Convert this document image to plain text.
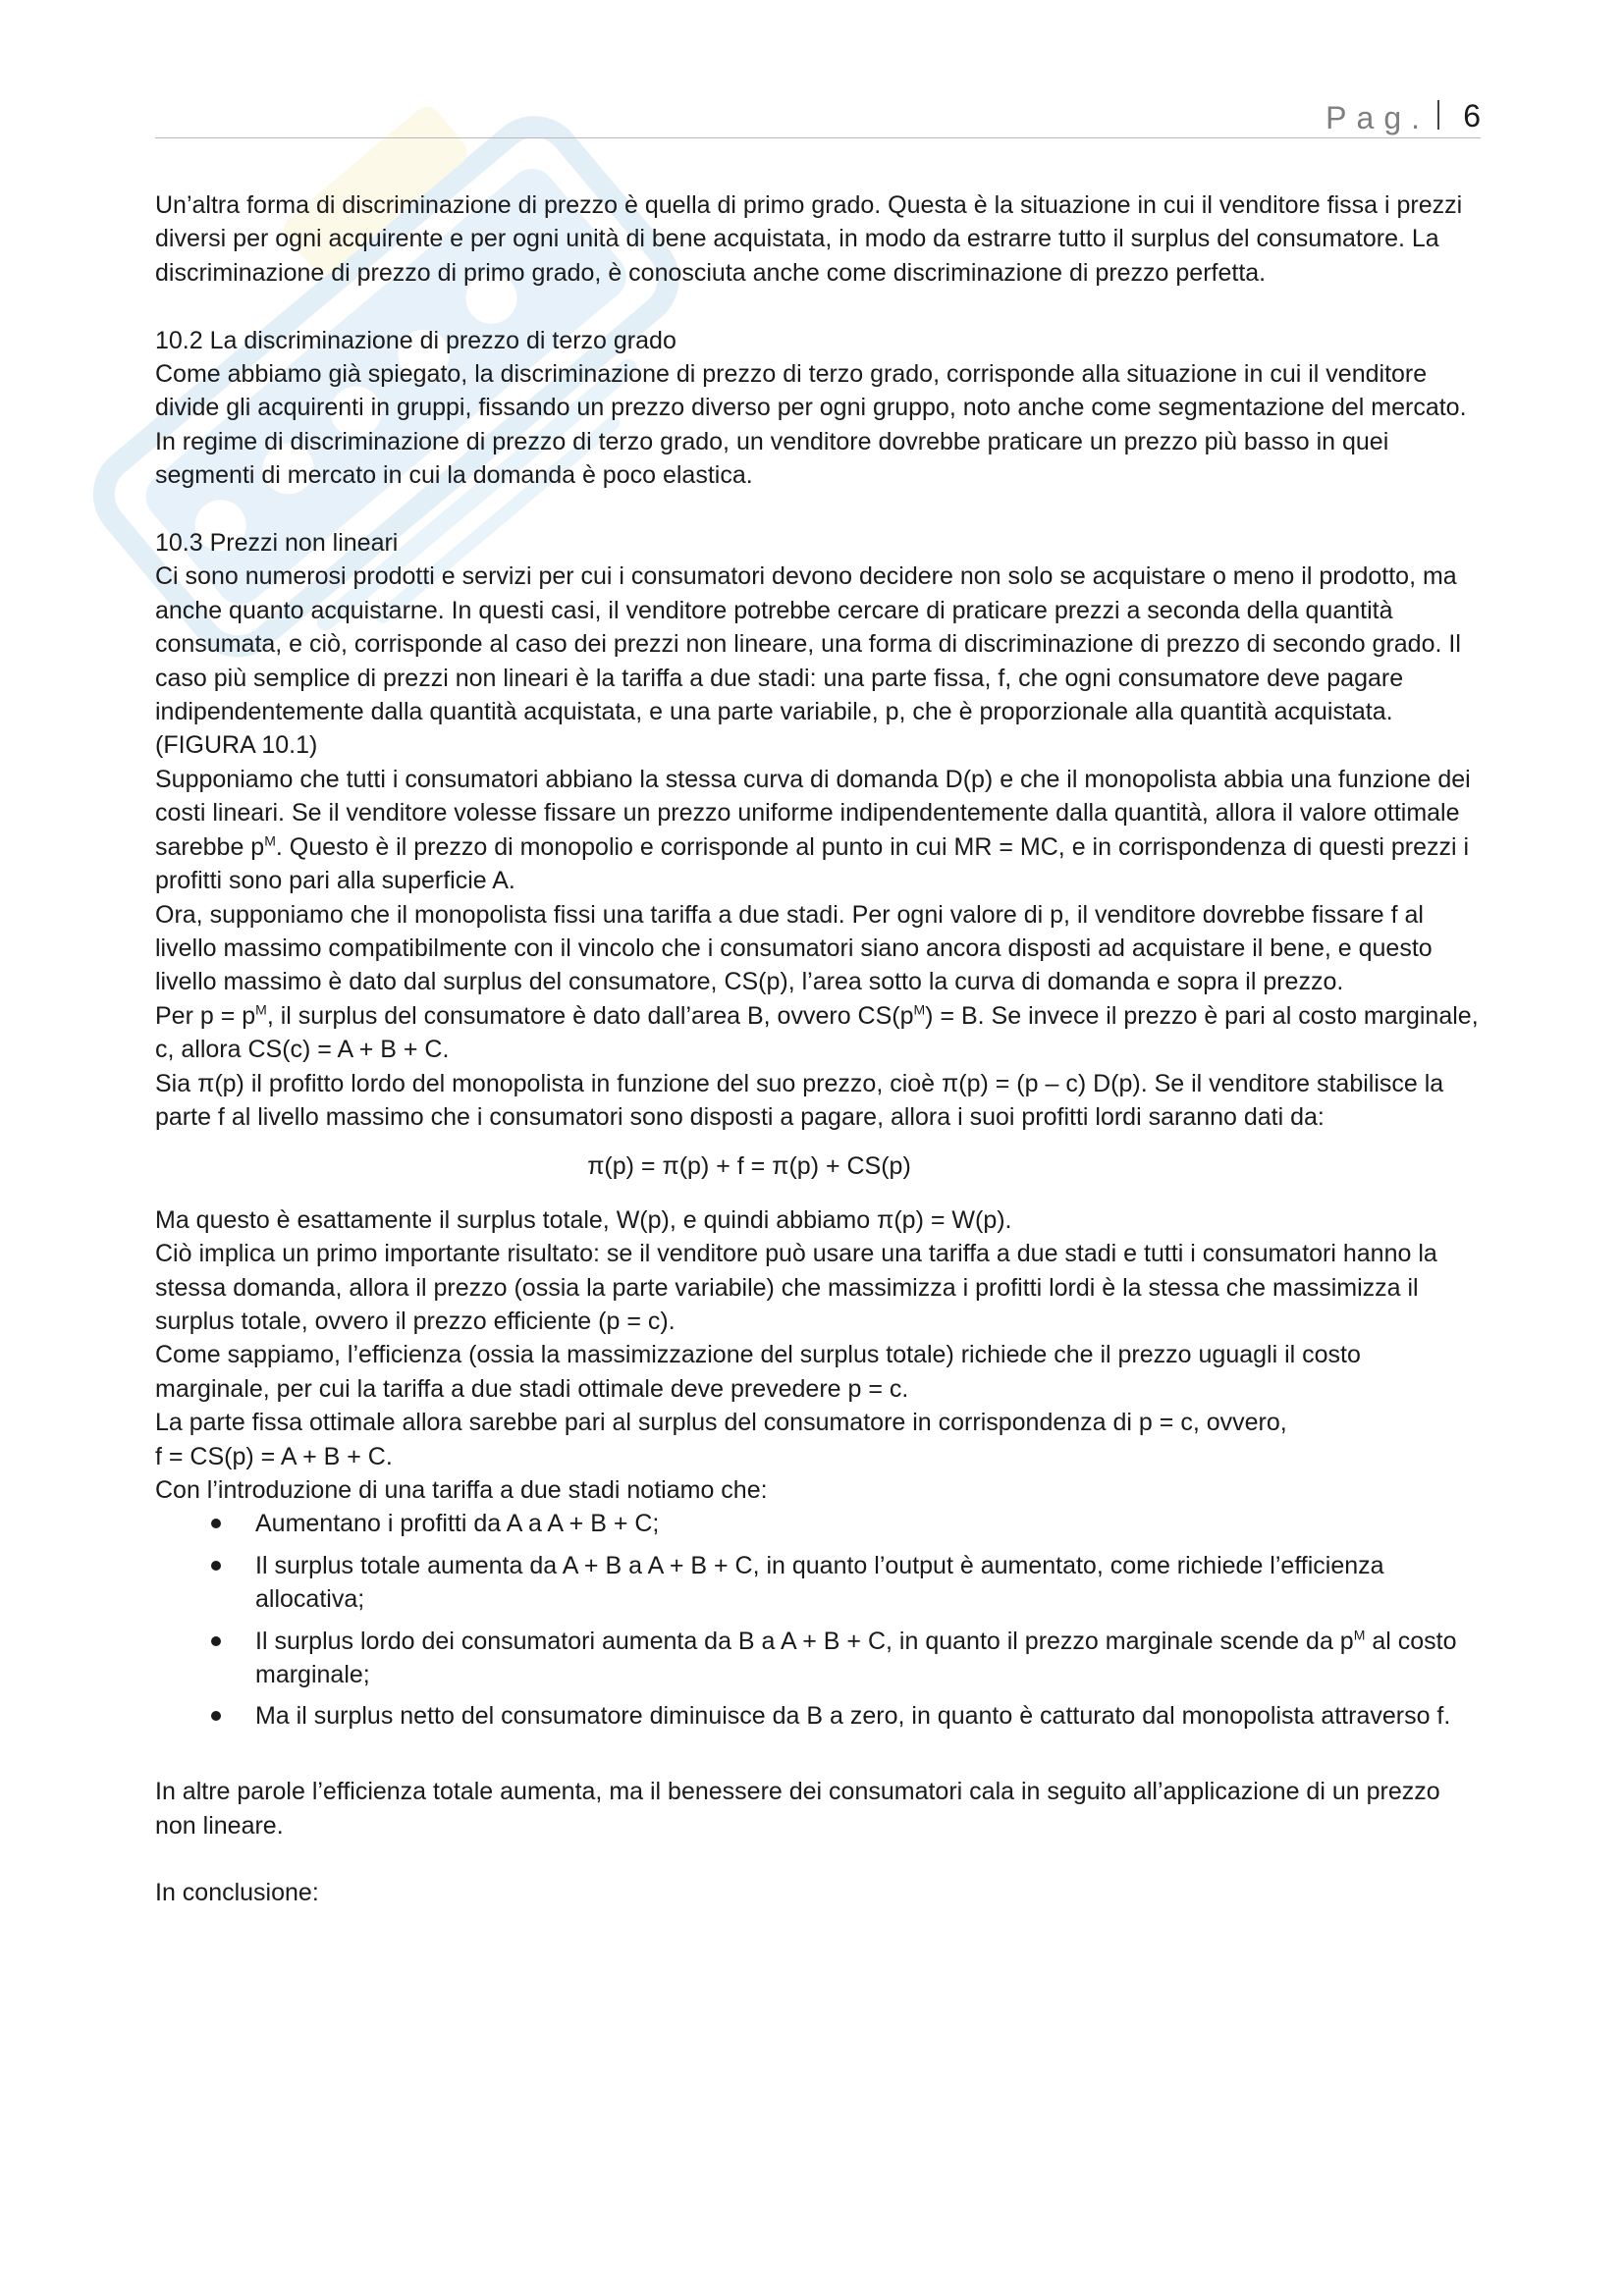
Pag. 6

Un’altra forma di discriminazione di prezzo è quella di primo grado. Questa è la situazione in cui il venditore fissa i prezzi diversi per ogni acquirente e per ogni unità di bene acquistata, in modo da estrarre tutto il surplus del consumatore. La discriminazione di prezzo di primo grado, è conosciuta anche come discriminazione di prezzo perfetta.

10.2 La discriminazione di prezzo di terzo grado

Come abbiamo già spiegato, la discriminazione di prezzo di terzo grado, corrisponde alla situazione in cui il venditore divide gli acquirenti in gruppi, fissando un prezzo diverso per ogni gruppo, noto anche come segmentazione del mercato.

In regime di discriminazione di prezzo di terzo grado, un venditore dovrebbe praticare un prezzo più basso in quei segmenti di mercato in cui la domanda è poco elastica.

10.3 Prezzi non lineari

Ci sono numerosi prodotti e servizi per cui i consumatori devono decidere non solo se acquistare o meno il prodotto, ma anche quanto acquistarne. In questi casi, il venditore potrebbe cercare di praticare prezzi a seconda della quantità consumata, e ciò, corrisponde al caso dei prezzi non lineare, una forma di discriminazione di prezzo di secondo grado. Il caso più semplice di prezzi non lineari è la tariffa a due stadi: una parte fissa, f, che ogni consumatore deve pagare indipendentemente dalla quantità acquistata, e una parte variabile, p, che è proporzionale alla quantità acquistata.

(FIGURA 10.1)

Supponiamo che tutti i consumatori abbiano la stessa curva di domanda D(p) e che il monopolista abbia una funzione dei costi lineari. Se il venditore volesse fissare un prezzo uniforme indipendentemente dalla quantità, allora il valore ottimale sarebbe $p^M$. Questo è il prezzo di monopolio e corrisponde al punto in cui MR = MC, e in corrispondenza di questi prezzi i profitti sono pari alla superficie A.

Ora, supponiamo che il monopolista fissi una tariffa a due stadi. Per ogni valore di p, il venditore dovrebbe fissare f al livello massimo compatibilmente con il vincolo che i consumatori siano ancora disposti ad acquistare il bene, e questo livello massimo è dato dal surplus del consumatore, CS(p), l’area sotto la curva di domanda e sopra il prezzo.

Per $p = p^M$, il surplus del consumatore è dato dall’area B, ovvero $CS(p^M) = B$. Se invece il prezzo è pari al costo marginale, c, allora CS(c) = A + B + C.

Sia π(p) il profitto lordo del monopolista in funzione del suo prezzo, cioè π(p) = (p – c) D(p). Se il venditore stabilisce la parte f al livello massimo che i consumatori sono disposti a pagare, allora i suoi profitti lordi saranno dati da:

π(p) = π(p) + f = π(p) + CS(p)

Ma questo è esattamente il surplus totale, W(p), e quindi abbiamo π(p) = W(p).

Ciò implica un primo importante risultato: se il venditore può usare una tariffa a due stadi e tutti i consumatori hanno la stessa domanda, allora il prezzo (ossia la parte variabile) che massimizza i profitti lordi è la stessa che massimizza il surplus totale, ovvero il prezzo efficiente (p = c).

Come sappiamo, l’efficienza (ossia la massimizzazione del surplus totale) richiede che il prezzo uguagli il costo marginale, per cui la tariffa a due stadi ottimale deve prevedere p = c.

La parte fissa ottimale allora sarebbe pari al surplus del consumatore in corrispondenza di p = c, ovvero,

f = CS(p) = A + B + C.

Con l’introduzione di una tariffa a due stadi notiamo che:

Aumentano i profitti da A a A + B + C;
Il surplus totale aumenta da A + B a A + B + C, in quanto l’output è aumentato, come richiede l’efficienza allocativa;
Il surplus lordo dei consumatori aumenta da B a A + B + C, in quanto il prezzo marginale scende da $p^M$ al costo marginale;
Ma il surplus netto del consumatore diminuisce da B a zero, in quanto è catturato dal monopolista attraverso f.

In altre parole l’efficienza totale aumenta, ma il benessere dei consumatori cala in seguito all’applicazione di un prezzo non lineare.

In conclusione:
